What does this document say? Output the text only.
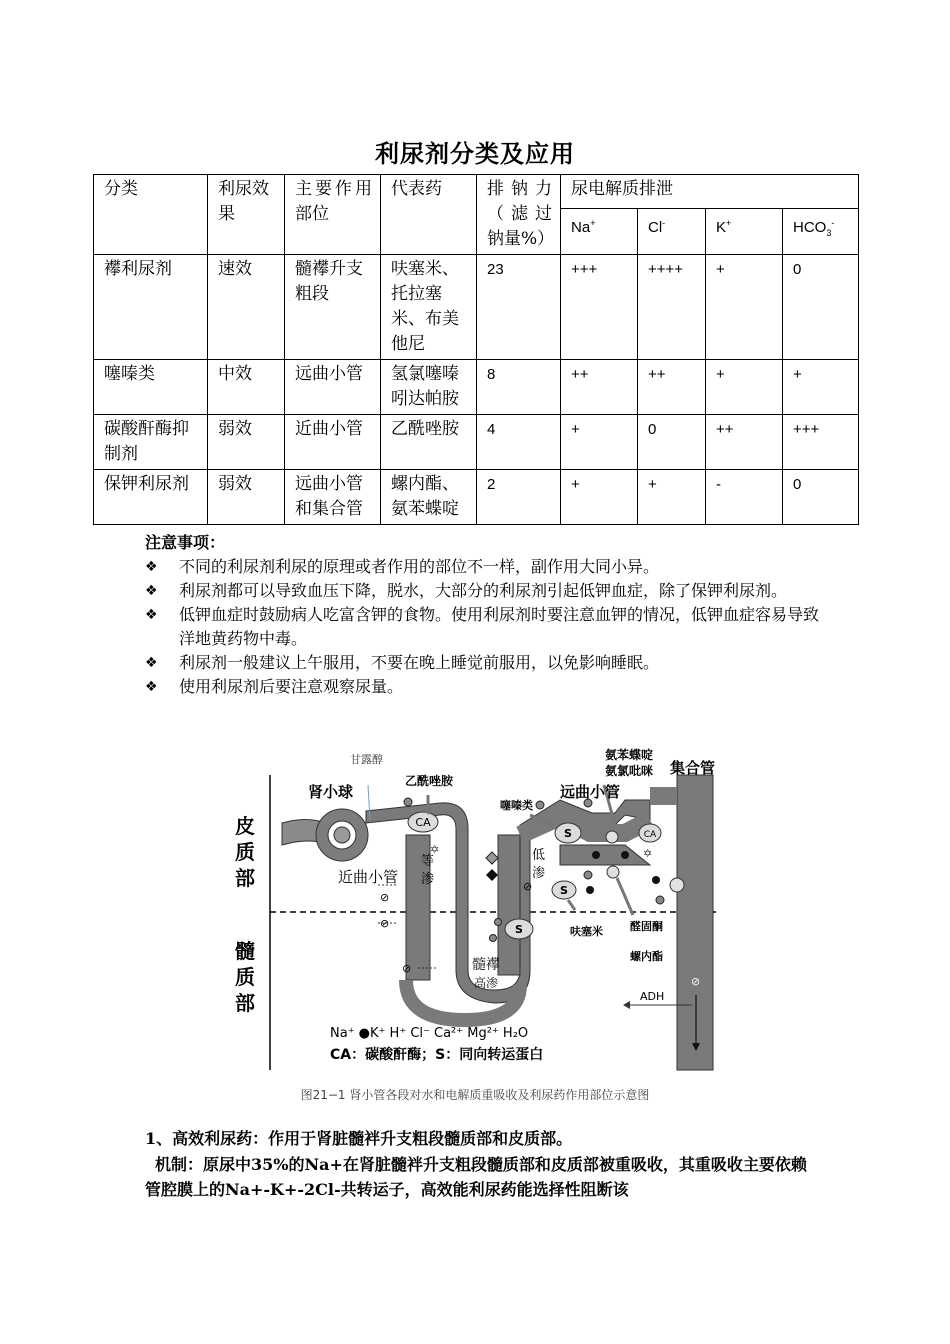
利尿剂分类及应用
分类	利尿效果	主要作用部位	代表药	排钠力（滤过钠量%）	尿电解质排泄			
					Na+	Cl-	K+	$HCO_3^-$
襻利尿剂	速效	髓襻升支粗段	呋塞米、托拉塞米、布美他尼	23	+++	++++	+	0
噻嗪类	中效	远曲小管	氢氯噻嗪吲达帕胺	8	++	++	+	+
碳酸酐酶抑制剂	弱效	近曲小管	乙酰唑胺	4	+	0	++	+++
保钾利尿剂	弱效	远曲小管和集合管	螺内酯、氨苯蝶啶	2	+	+	-	0
注意事项：
❖ 不同的利尿剂利尿的原理或者作用的部位不一样，副作用大同小异。
❖ 利尿剂都可以导致血压下降，脱水，大部分的利尿剂引起低钾血症，除了保钾利尿剂。
❖ 低钾血症时鼓励病人吃富含钾的食物。使用利尿剂时要注意血钾的情况，低钾血症容易导致洋地黄药物中毒。
❖ 利尿剂一般建议上午服用，不要在晚上睡觉前服用，以免影响睡眠。
❖ 使用利尿剂后要注意观察尿量。
CA
S
S
S
CA
✡	✡
⊘
⊘
⊘
⊘
⊘
甘露醇
肾小球
乙酰唑胺
噻嗪类
远曲小管
氨苯蝶啶
氨氯吡咪 集合管
皮质部
髓质部
近曲小管
等渗
低渗
呋塞米 醛固酮
螺内酯
髓襻
高渗
ADH
Na⁺ ●K⁺ H⁺ Cl⁻ Ca²⁺ Mg²⁺ H₂O
CA：碳酸酐酶；S：同向转运蛋白
图21−1 肾小管各段对水和电解质重吸收及利尿药作用部位示意图
1、高效利尿药：作用于肾脏髓袢升支粗段髓质部和皮质部。
机制：原尿中35%的Na+在肾脏髓袢升支粗段髓质部和皮质部被重吸收，其重吸收主要依赖管腔膜上的Na+-K+-2Cl-共转运子，高效能利尿药能选择性阻断该
